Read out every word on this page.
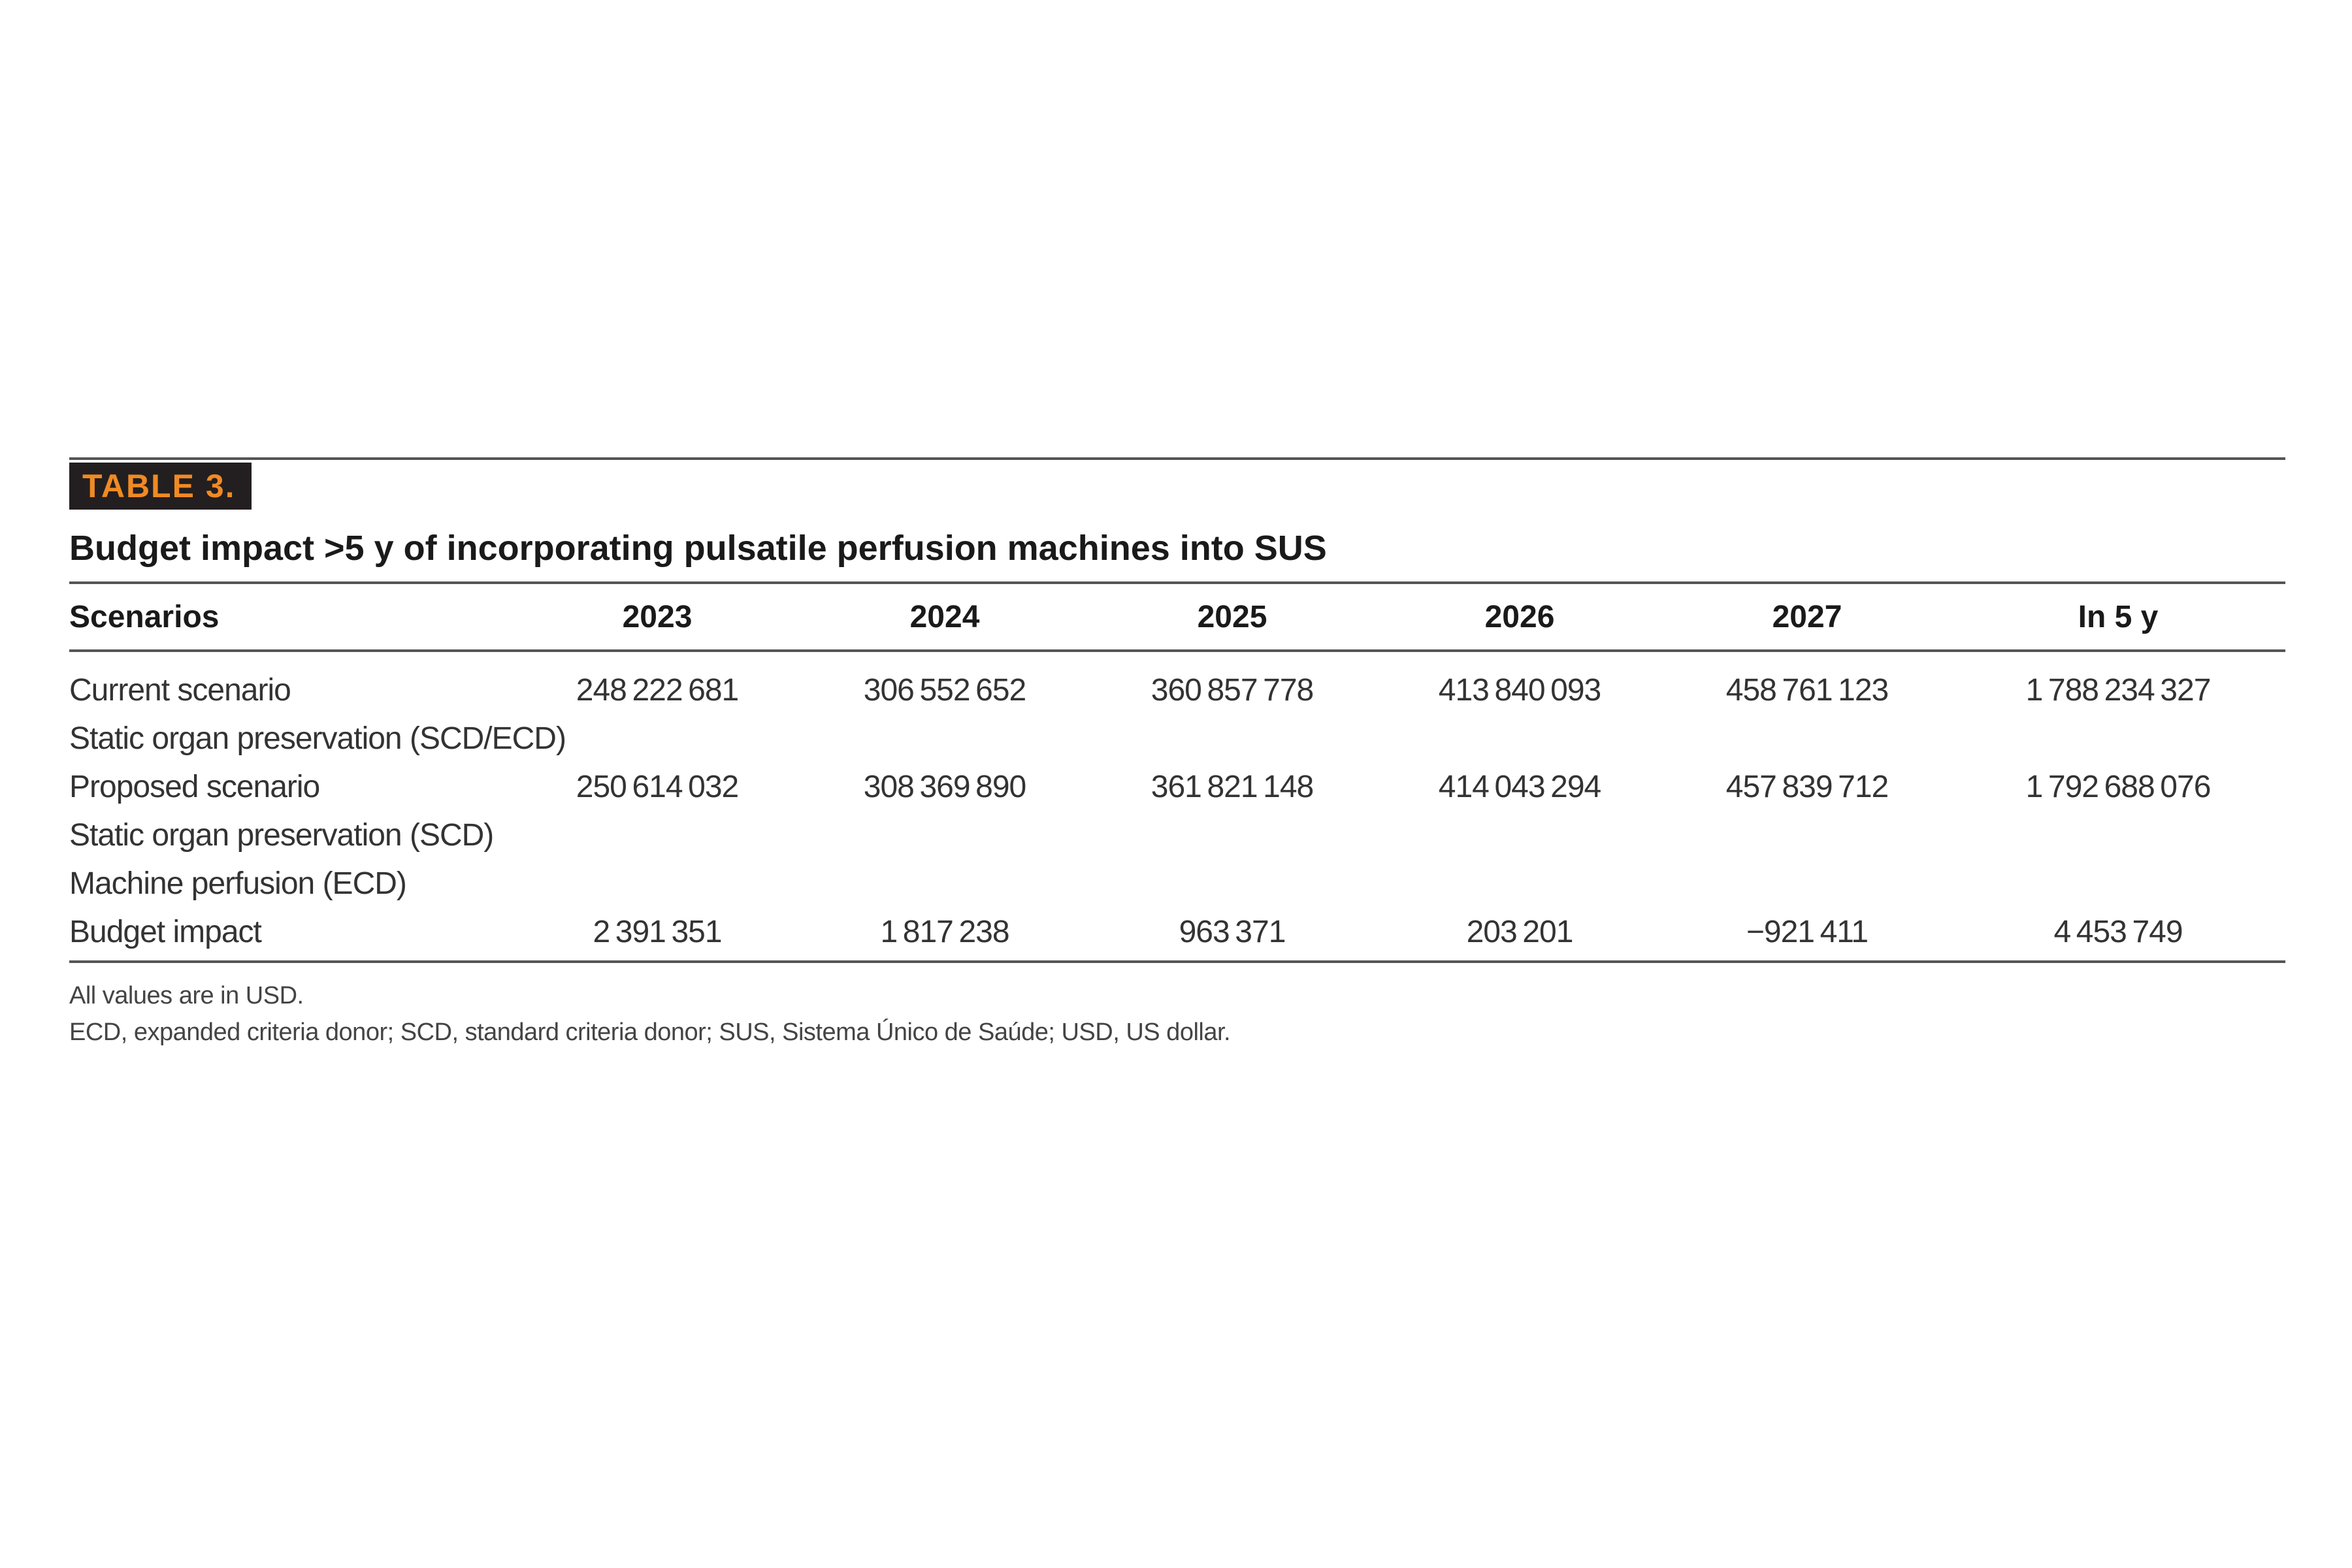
TABLE 3.
Budget impact >5 y of incorporating pulsatile perfusion machines into SUS
Scenarios	2023	2024	2025	2026	2027	In 5 y
Current scenario	248 222 681	306 552 652	360 857 778	413 840 093	458 761 123	1 788 234 327
Static organ preservation (SCD/ECD)						
Proposed scenario	250 614 032	308 369 890	361 821 148	414 043 294	457 839 712	1 792 688 076
Static organ preservation (SCD)						
Machine perfusion (ECD)						
Budget impact	2 391 351	1 817 238	963 371	203 201	−921 411	4 453 749
All values are in USD.
ECD, expanded criteria donor; SCD, standard criteria donor; SUS, Sistema Único de Saúde; USD, US dollar.
